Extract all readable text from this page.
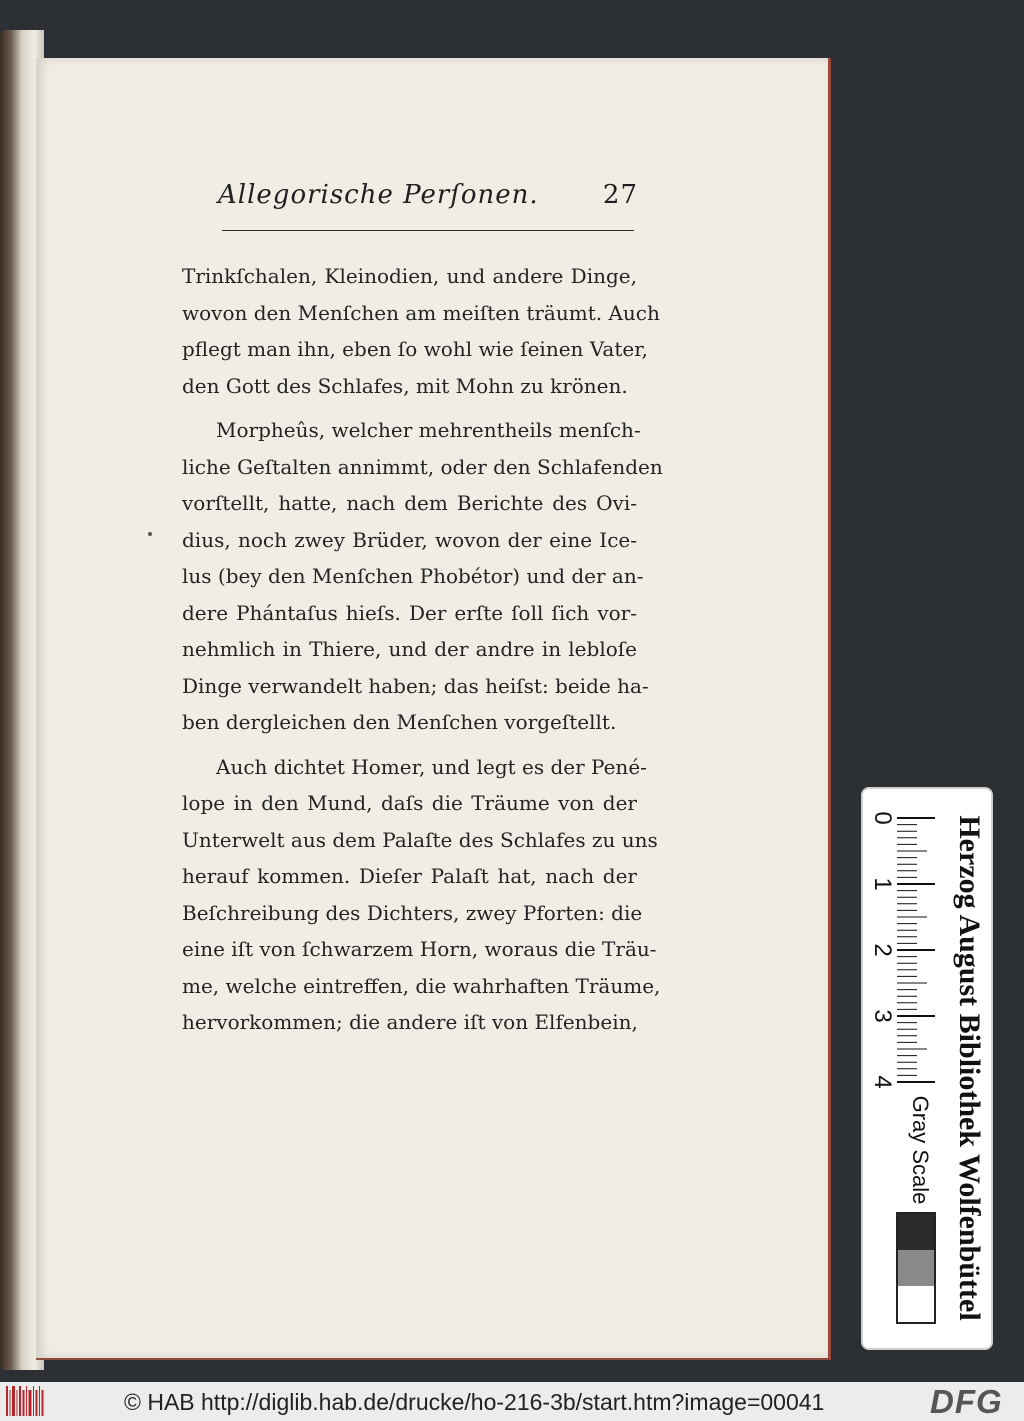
Allegorische Perſonen. 27
Trinkſchalen, Kleinodien, und andere Dinge,
wovon den Menſchen am meiſten träumt. Auch
pflegt man ihn, eben ſo wohl wie ſeinen Vater,
den Gott des Schlafes, mit Mohn zu krönen.
Morpheûs, welcher mehrentheils menſch-
liche Geſtalten annimmt, oder den Schlafenden
vorſtellt, hatte, nach dem Berichte des Ovi-
dius, noch zwey Brüder, wovon der eine Ice-
lus (bey den Menſchen Phobétor) und der an-
dere Phántaſus hieſs. Der erſte ſoll ſich vor-
nehmlich in Thiere, und der andre in lebloſe
Dinge verwandelt haben; das heiſst: beide ha-
ben dergleichen den Menſchen vorgeſtellt.
Auch dichtet Homer, und legt es der Pené-
lope in den Mund, daſs die Träume von der
Unterwelt aus dem Palaſte des Schlafes zu uns
herauf kommen. Dieſer Palaſt hat, nach der
Beſchreibung des Dichters, zwey Pforten: die
eine iſt von ſchwarzem Horn, woraus die Träu-
me, welche eintreffen, die wahrhaften Träume,
hervorkommen; die andere iſt von Elfenbein,	Herzog August Bibliothek Wolfenbüttel
Gray Scale
0
1
2
3
4
© HAB http://diglib.hab.de/drucke/ho-216-3b/start.htm?image=00041	DFG
